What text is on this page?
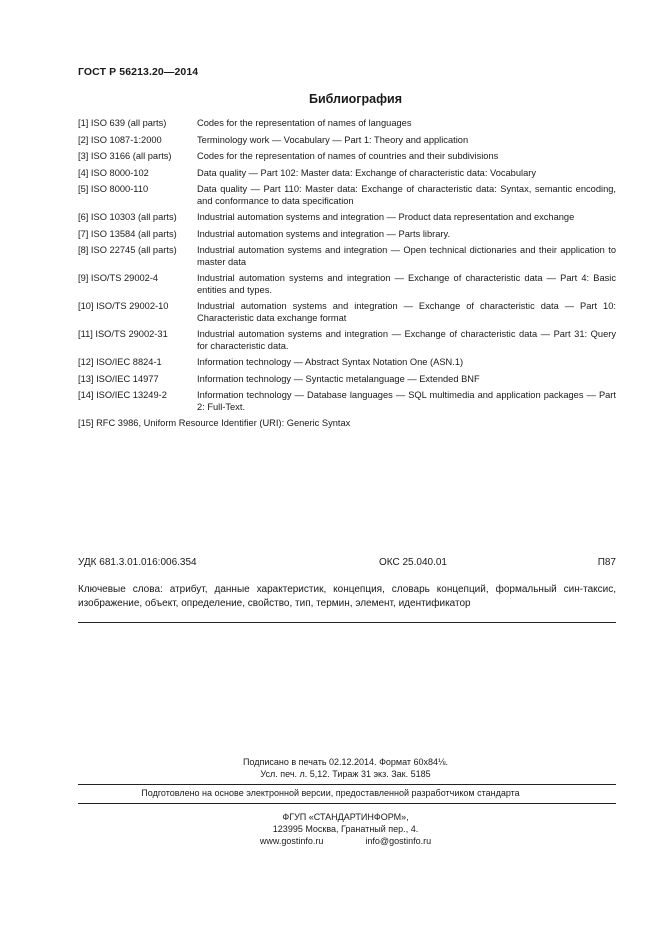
ГОСТ Р 56213.20—2014
Библиография
[1] ISO 639 (all parts)	Codes for the representation of names of languages
[2] ISO 1087-1:2000	Terminology work — Vocabulary — Part 1: Theory and application
[3] ISO 3166 (all parts)	Codes for the representation of names of countries and their subdivisions
[4] ISO 8000-102	Data quality — Part 102: Master data: Exchange of characteristic data: Vocabulary
[5] ISO 8000-110	Data quality — Part 110: Master data: Exchange of characteristic data: Syntax, semantic encoding, and conformance to data specification
[6] ISO 10303 (all parts)	Industrial automation systems and integration — Product data representation and exchange
[7] ISO 13584 (all parts)	Industrial automation systems and integration — Parts library.
[8] ISO 22745 (all parts)	Industrial automation systems and integration — Open technical dictionaries and their application to master data
[9] ISO/TS 29002-4	Industrial automation systems and integration — Exchange of characteristic data — Part 4: Basic entities and types.
[10] ISO/TS 29002-10	Industrial automation systems and integration — Exchange of characteristic data — Part 10: Characteristic data exchange format
[11] ISO/TS 29002-31	Industrial automation systems and integration — Exchange of characteristic data — Part 31: Query for characteristic data.
[12] ISO/IEC 8824-1	Information technology — Abstract Syntax Notation One (ASN.1)
[13] ISO/IEC 14977	Information technology — Syntactic metalanguage — Extended BNF
[14] ISO/IEC 13249-2	Information technology — Database languages — SQL multimedia and application packages — Part 2: Full-Text.
[15] RFC 3986, Uniform Resource Identifier (URI): Generic Syntax
УДК 681.3.01.016:006.354	ОКС 25.040.01	П87
Ключевые слова: атрибут, данные характеристик, концепция, словарь концепций, формальный син-таксис, изображение, объект, определение, свойство, тип, термин, элемент, идентификатор
Подписано в печать 02.12.2014. Формат 60x84⅛.
Усл. печ. л. 5,12. Тираж 31 экз. Зак. 5185
Подготовлено на основе электронной версии, предоставленной разработчиком стандарта
ФГУП «СТАНДАРТИНФОРМ»,
123995 Москва, Гранатный пер., 4.
www.gostinfo.ru	info@gostinfo.ru
